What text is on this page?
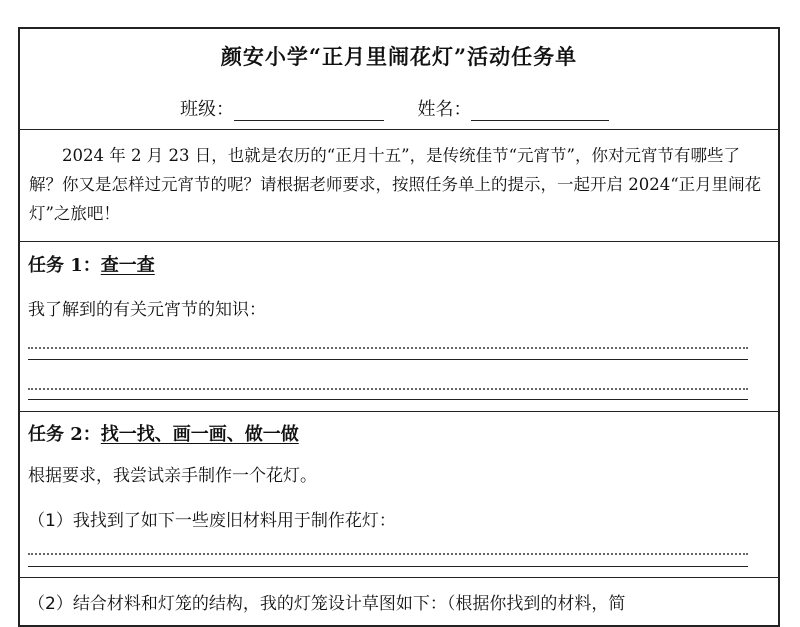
颜安小学“正月里闹花灯”活动任务单
班级：	姓名：
2024 年 2 月 23 日，也就是农历的“正月十五”，是传统佳节“元宵节”，你对元宵节有哪些了解？你又是怎样过元宵节的呢？请根据老师要求，按照任务单上的提示，一起开启 2024“正月里闹花灯”之旅吧！
任务 1：查一查
我了解到的有关元宵节的知识：
任务 2：找一找、画一画、做一做
根据要求，我尝试亲手制作一个花灯。
（1）我找到了如下一些废旧材料用于制作花灯：
（2）结合材料和灯笼的结构，我的灯笼设计草图如下：（根据你找到的材料，简
